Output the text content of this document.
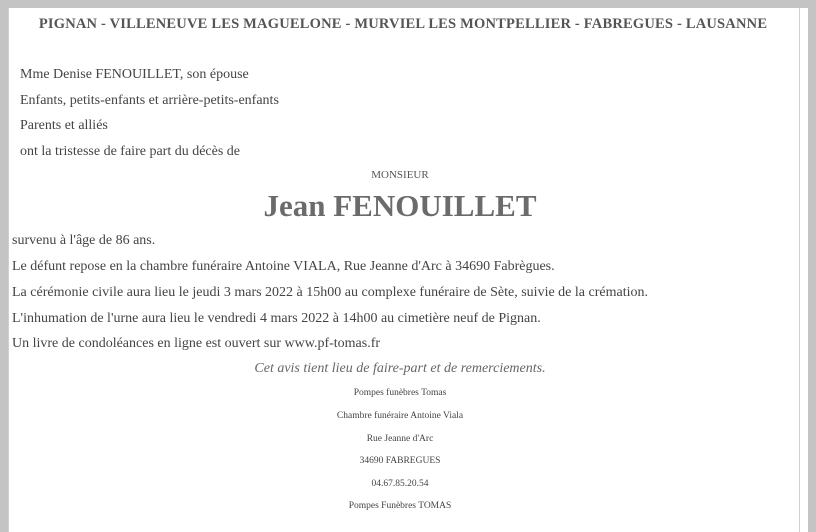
PIGNAN - VILLENEUVE LES MAGUELONE - MURVIEL LES MONTPELLIER - FABREGUES - LAUSANNE
Mme Denise FENOUILLET, son épouse
Enfants, petits-enfants et arrière-petits-enfants
Parents et alliés
ont la tristesse de faire part du décès de
MONSIEUR
Jean FENOUILLET
survenu à l'âge de 86 ans.
Le défunt repose en la chambre funéraire Antoine VIALA, Rue Jeanne d'Arc à 34690 Fabrègues.
La cérémonie civile aura lieu le jeudi 3 mars 2022 à 15h00 au complexe funéraire de Sète, suivie de la crémation.
L'inhumation de l'urne aura lieu le vendredi 4 mars 2022 à 14h00 au cimetière neuf de Pignan.
Un livre de condoléances en ligne est ouvert sur www.pf-tomas.fr
Cet avis tient lieu de faire-part et de remerciements.
Pompes funèbres Tomas
Chambre funéraire Antoine Viala
Rue Jeanne d'Arc
34690 FABREGUES
04.67.85.20.54
Pompes Funèbres TOMAS
